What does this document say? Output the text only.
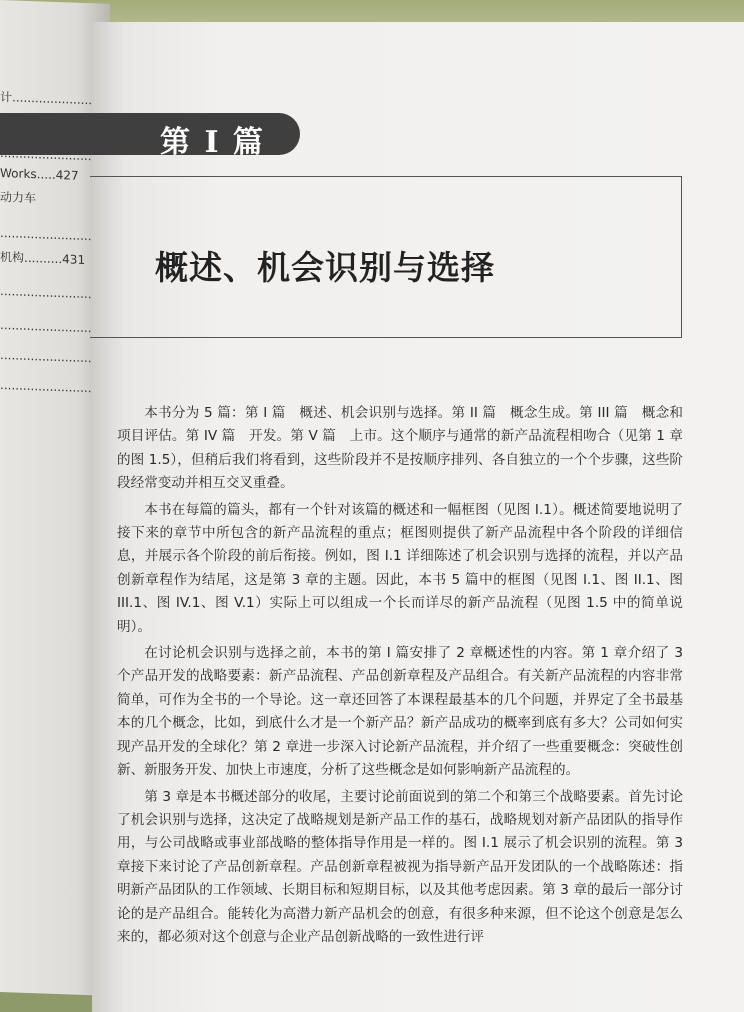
计.....................
Works.....427
动力车
........................
机构..........431
........................
........................
........................
........................
第 I 篇
概述、机会识别与选择

本书分为 5 篇：第 I 篇　概述、机会识别与选择。第 II 篇　概念生成。第 III 篇　概念和项目评估。第 IV 篇　开发。第 V 篇　上市。这个顺序与通常的新产品流程相吻合（见第 1 章的图 1.5），但稍后我们将看到，这些阶段并不是按顺序排列、各自独立的一个个步骤，这些阶段经常变动并相互交叉重叠。

本书在每篇的篇头，都有一个针对该篇的概述和一幅框图（见图 I.1）。概述简要地说明了接下来的章节中所包含的新产品流程的重点；框图则提供了新产品流程中各个阶段的详细信息，并展示各个阶段的前后衔接。例如，图 I.1 详细陈述了机会识别与选择的流程，并以产品创新章程作为结尾，这是第 3 章的主题。因此，本书 5 篇中的框图（见图 I.1、图 II.1、图 III.1、图 IV.1、图 V.1）实际上可以组成一个长而详尽的新产品流程（见图 1.5 中的简单说明）。

在讨论机会识别与选择之前，本书的第 I 篇安排了 2 章概述性的内容。第 1 章介绍了 3 个产品开发的战略要素：新产品流程、产品创新章程及产品组合。有关新产品流程的内容非常简单，可作为全书的一个导论。这一章还回答了本课程最基本的几个问题，并界定了全书最基本的几个概念，比如，到底什么才是一个新产品？新产品成功的概率到底有多大？公司如何实现产品开发的全球化？第 2 章进一步深入讨论新产品流程，并介绍了一些重要概念：突破性创新、新服务开发、加快上市速度，分析了这些概念是如何影响新产品流程的。

第 3 章是本书概述部分的收尾，主要讨论前面说到的第二个和第三个战略要素。首先讨论了机会识别与选择，这决定了战略规划是新产品工作的基石，战略规划对新产品团队的指导作用，与公司战略或事业部战略的整体指导作用是一样的。图 I.1 展示了机会识别的流程。第 3 章接下来讨论了产品创新章程。产品创新章程被视为指导新产品开发团队的一个战略陈述：指明新产品团队的工作领域、长期目标和短期目标，以及其他考虑因素。第 3 章的最后一部分讨论的是产品组合。能转化为高潜力新产品机会的创意，有很多种来源，但不论这个创意是怎么来的，都必须对这个创意与企业产品创新战略的一致性进行评
